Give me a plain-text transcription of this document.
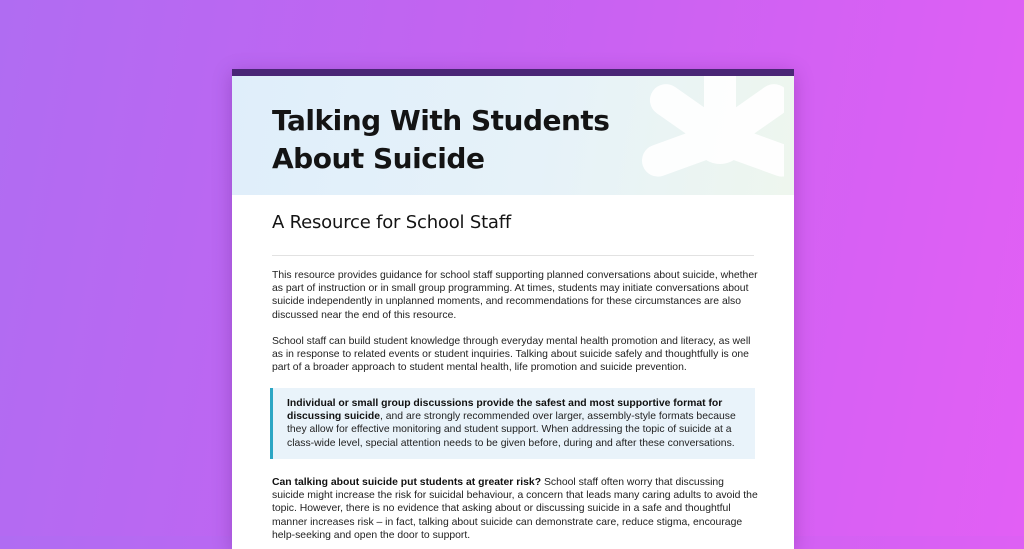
Talking With Students
About Suicide
A Resource for School Staff

This resource provides guidance for school staff supporting planned conversations about suicide, whether as part of instruction or in small group programming. At times, students may initiate conversations about suicide independently in unplanned moments, and recommendations for these circumstances are also discussed near the end of this resource.

School staff can build student knowledge through everyday mental health promotion and literacy, as well as in response to related events or student inquiries. Talking about suicide safely and thoughtfully is one part of a broader approach to student mental health, life promotion and suicide prevention.

Individual or small group discussions provide the safest and most supportive format for discussing suicide, and are strongly recommended over larger, assembly-style formats because they allow for effective monitoring and student support. When addressing the topic of suicide at a class-wide level, special attention needs to be given before, during and after these conversations.

Can talking about suicide put students at greater risk? School staff often worry that discussing suicide might increase the risk for suicidal behaviour, a concern that leads many caring adults to avoid the topic. However, there is no evidence that asking about or discussing suicide in a safe and thoughtful manner increases risk – in fact, talking about suicide can demonstrate care, reduce stigma, encourage help-seeking and open the door to support.
